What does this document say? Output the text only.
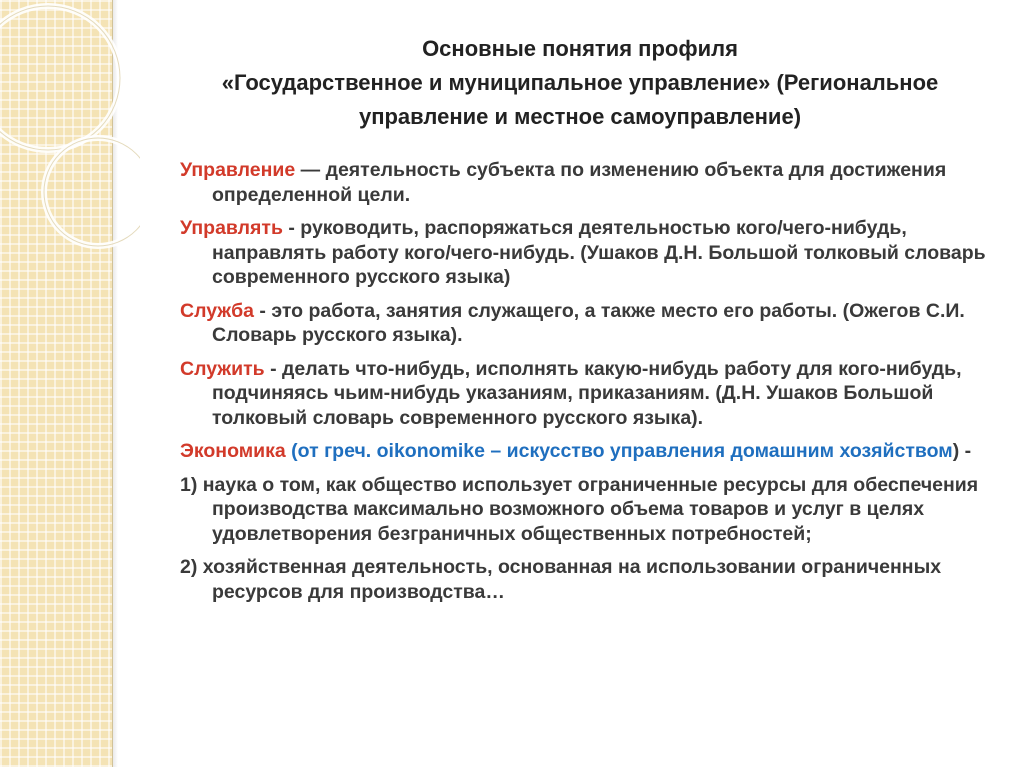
Основные понятия профиля
«Государственное и муниципальное управление» (Региональное
управление и местное самоуправление)
Управление — деятельность субъекта по изменению объекта для достижения определенной цели.
Управлять - руководить, распоряжаться деятельностью кого/чего-нибудь, направлять работу кого/чего-нибудь. (Ушаков Д.Н. Большой толковый словарь современного русского языка)
Служба - это работа, занятия служащего, а также место его работы. (Ожегов С.И. Словарь русского языка).
Служить - делать что-нибудь, исполнять какую-нибудь работу для кого-нибудь, подчиняясь чьим-нибудь указаниям, приказаниям. (Д.Н. Ушаков Большой толковый словарь современного русского языка).
Экономика (от греч. oikonomike – искусство управления домашним хозяйством) -
1) наука о том, как общество использует ограниченные ресурсы для обеспечения производства максимально возможного объема товаров и услуг в целях удовлетворения безграничных общественных потребностей;
2) хозяйственная деятельность, основанная на использовании ограниченных ресурсов для производства…
